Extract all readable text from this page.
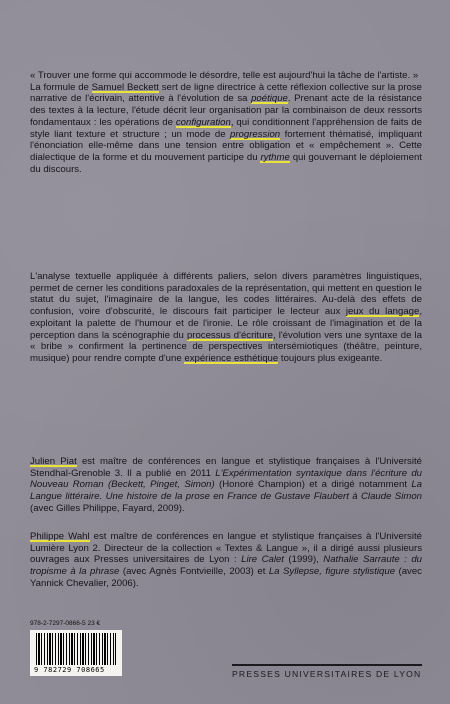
« Trouver une forme qui accommode le désordre, telle est aujourd'hui la tâche de l'artiste. »

La formule de Samuel Beckett sert de ligne directrice à cette réflexion collective sur la prose narrative de l'écrivain, attentive à l'évolution de sa poétique. Prenant acte de la résistance des textes à la lecture, l'étude décrit leur organisation par la combinaison de deux ressorts fondamentaux : les opérations de configuration, qui conditionnent l'appréhension de faits de style liant texture et structure ; un mode de progression fortement thématisé, impliquant l'énonciation elle-même dans une tension entre obligation et « empêchement ». Cette dialectique de la forme et du mouvement participe du rythme qui gouvernant le déploiement du discours.

L'analyse textuelle appliquée à différents paliers, selon divers paramètres linguistiques, permet de cerner les conditions paradoxales de la représentation, qui mettent en question le statut du sujet, l'imaginaire de la langue, les codes littéraires. Au-delà des effets de confusion, voire d'obscurité, le discours fait participer le lecteur aux jeux du langage, exploitant la palette de l'humour et de l'ironie. Le rôle croissant de l'imagination et de la perception dans la scénographie du processus d'écriture, l'évolution vers une syntaxe de la « bribe » confirment la pertinence de perspectives intersémiotiques (théâtre, peinture, musique) pour rendre compte d'une expérience esthétique toujours plus exigeante.

Julien Piat est maître de conférences en langue et stylistique françaises à l'Université Stendhal-Grenoble 3. Il a publié en 2011 L'Expérimentation syntaxique dans l'écriture du Nouveau Roman (Beckett, Pinget, Simon) (Honoré Champion) et a dirigé notamment La Langue littéraire. Une histoire de la prose en France de Gustave Flaubert à Claude Simon (avec Gilles Philippe, Fayard, 2009).

Philippe Wahl est maître de conférences en langue et stylistique françaises à l'Université Lumière Lyon 2. Directeur de la collection « Textes & Langue », il a dirigé aussi plusieurs ouvrages aux Presses universitaires de Lyon : Lire Calet (1999), Nathalie Sarraute : du tropisme à la phrase (avec Agnès Fontvieille, 2003) et La Syllepse, figure stylistique (avec Yannick Chevalier, 2006).

978-2-7297-0866-5 23 €
9 782729 708665	PRESSES UNIVERSITAIRES DE LYON
